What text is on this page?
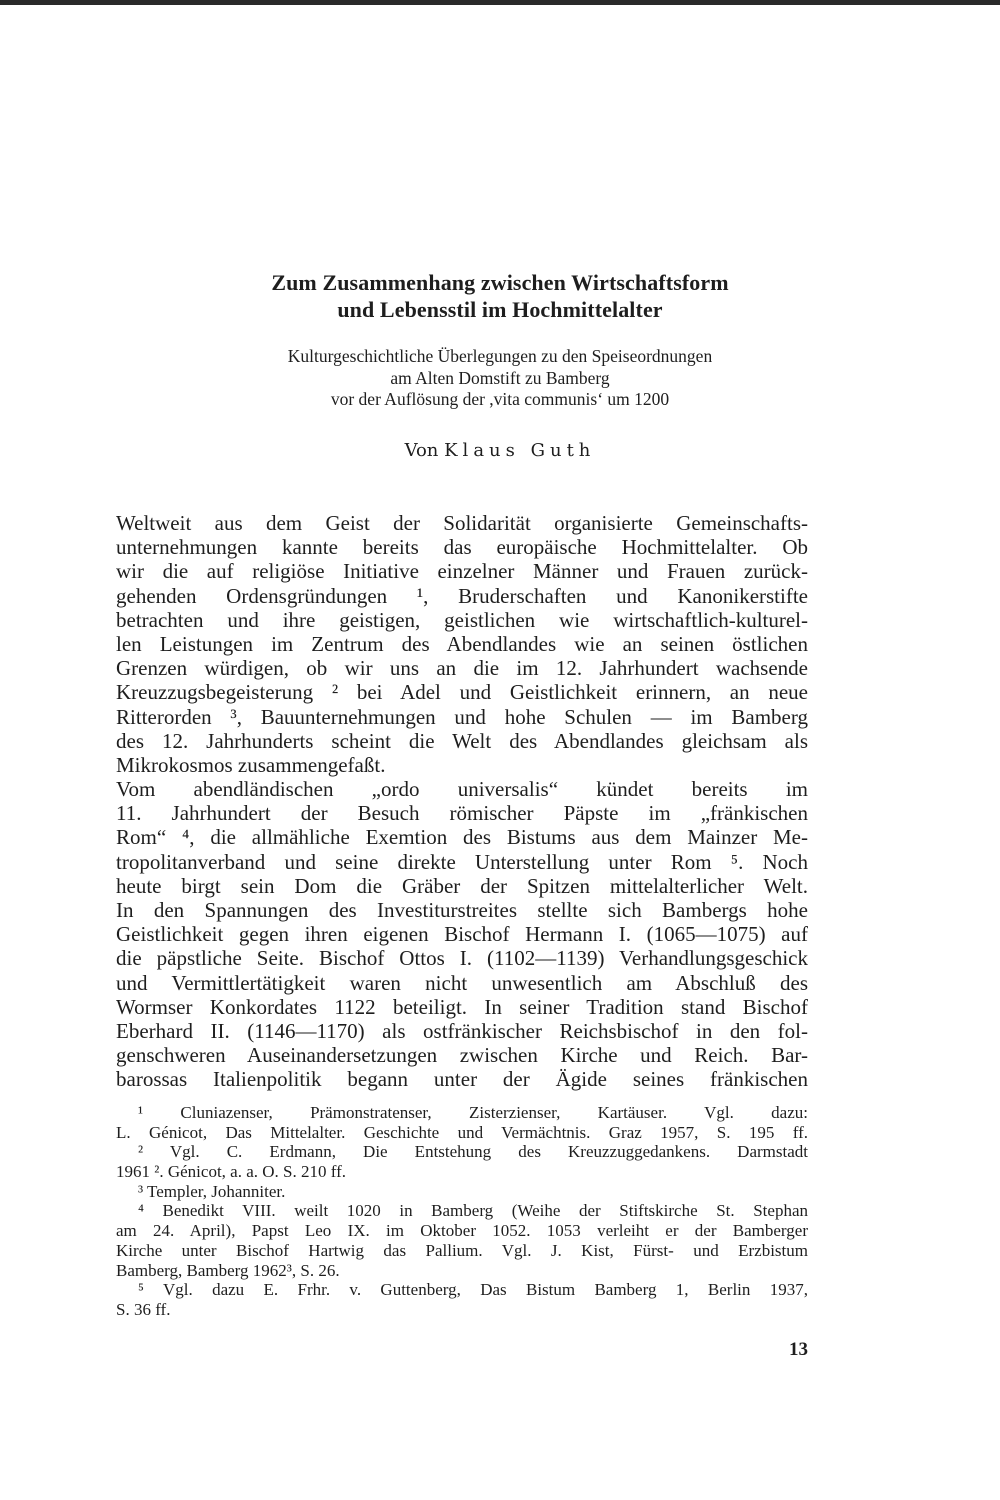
Zum Zusammenhang zwischen Wirtschaftsform
und Lebensstil im Hochmittelalter
Kulturgeschichtliche Überlegungen zu den Speiseordnungen
am Alten Domstift zu Bamberg
vor der Auflösung der ,vita communis‘ um 1200
Von Klaus Guth
Weltweit aus dem Geist der Solidarität organisierte Gemeinschafts-
unternehmungen kannte bereits das europäische Hochmittelalter. Ob
wir die auf religiöse Initiative einzelner Männer und Frauen zurück-
gehenden Ordensgründungen ¹, Bruderschaften und Kanonikerstifte
betrachten und ihre geistigen, geistlichen wie wirtschaftlich-kulturel-
len Leistungen im Zentrum des Abendlandes wie an seinen östlichen
Grenzen würdigen, ob wir uns an die im 12. Jahrhundert wachsende
Kreuzzugsbegeisterung ² bei Adel und Geistlichkeit erinnern, an neue
Ritterorden ³, Bauunternehmungen und hohe Schulen — im Bamberg
des 12. Jahrhunderts scheint die Welt des Abendlandes gleichsam als
Mikrokosmos zusammengefaßt.
Vom abendländischen „ordo universalis“ kündet bereits im
11. Jahrhundert der Besuch römischer Päpste im „fränkischen
Rom“ ⁴, die allmähliche Exemtion des Bistums aus dem Mainzer Me-
tropolitanverband und seine direkte Unterstellung unter Rom ⁵. Noch
heute birgt sein Dom die Gräber der Spitzen mittelalterlicher Welt.
In den Spannungen des Investiturstreites stellte sich Bambergs hohe
Geistlichkeit gegen ihren eigenen Bischof Hermann I. (1065—1075) auf
die päpstliche Seite. Bischof Ottos I. (1102—1139) Verhandlungsgeschick
und Vermittlertätigkeit waren nicht unwesentlich am Abschluß des
Wormser Konkordates 1122 beteiligt. In seiner Tradition stand Bischof
Eberhard II. (1146—1170) als ostfränkischer Reichsbischof in den fol-
genschweren Auseinandersetzungen zwischen Kirche und Reich. Bar-
barossas Italienpolitik begann unter der Ägide seines fränkischen
¹ Cluniazenser, Prämonstratenser, Zisterzienser, Kartäuser. Vgl. dazu:
L. Génicot, Das Mittelalter. Geschichte und Vermächtnis. Graz 1957, S. 195 ff.
² Vgl. C. Erdmann, Die Entstehung des Kreuzzuggedankens. Darmstadt
1961 ². Génicot, a. a. O. S. 210 ff.
³ Templer, Johanniter.
⁴ Benedikt VIII. weilt 1020 in Bamberg (Weihe der Stiftskirche St. Stephan
am 24. April), Papst Leo IX. im Oktober 1052. 1053 verleiht er der Bamberger
Kirche unter Bischof Hartwig das Pallium. Vgl. J. Kist, Fürst- und Erzbistum
Bamberg, Bamberg 1962³, S. 26.
⁵ Vgl. dazu E. Frhr. v. Guttenberg, Das Bistum Bamberg 1, Berlin 1937,
S. 36 ff.
13
